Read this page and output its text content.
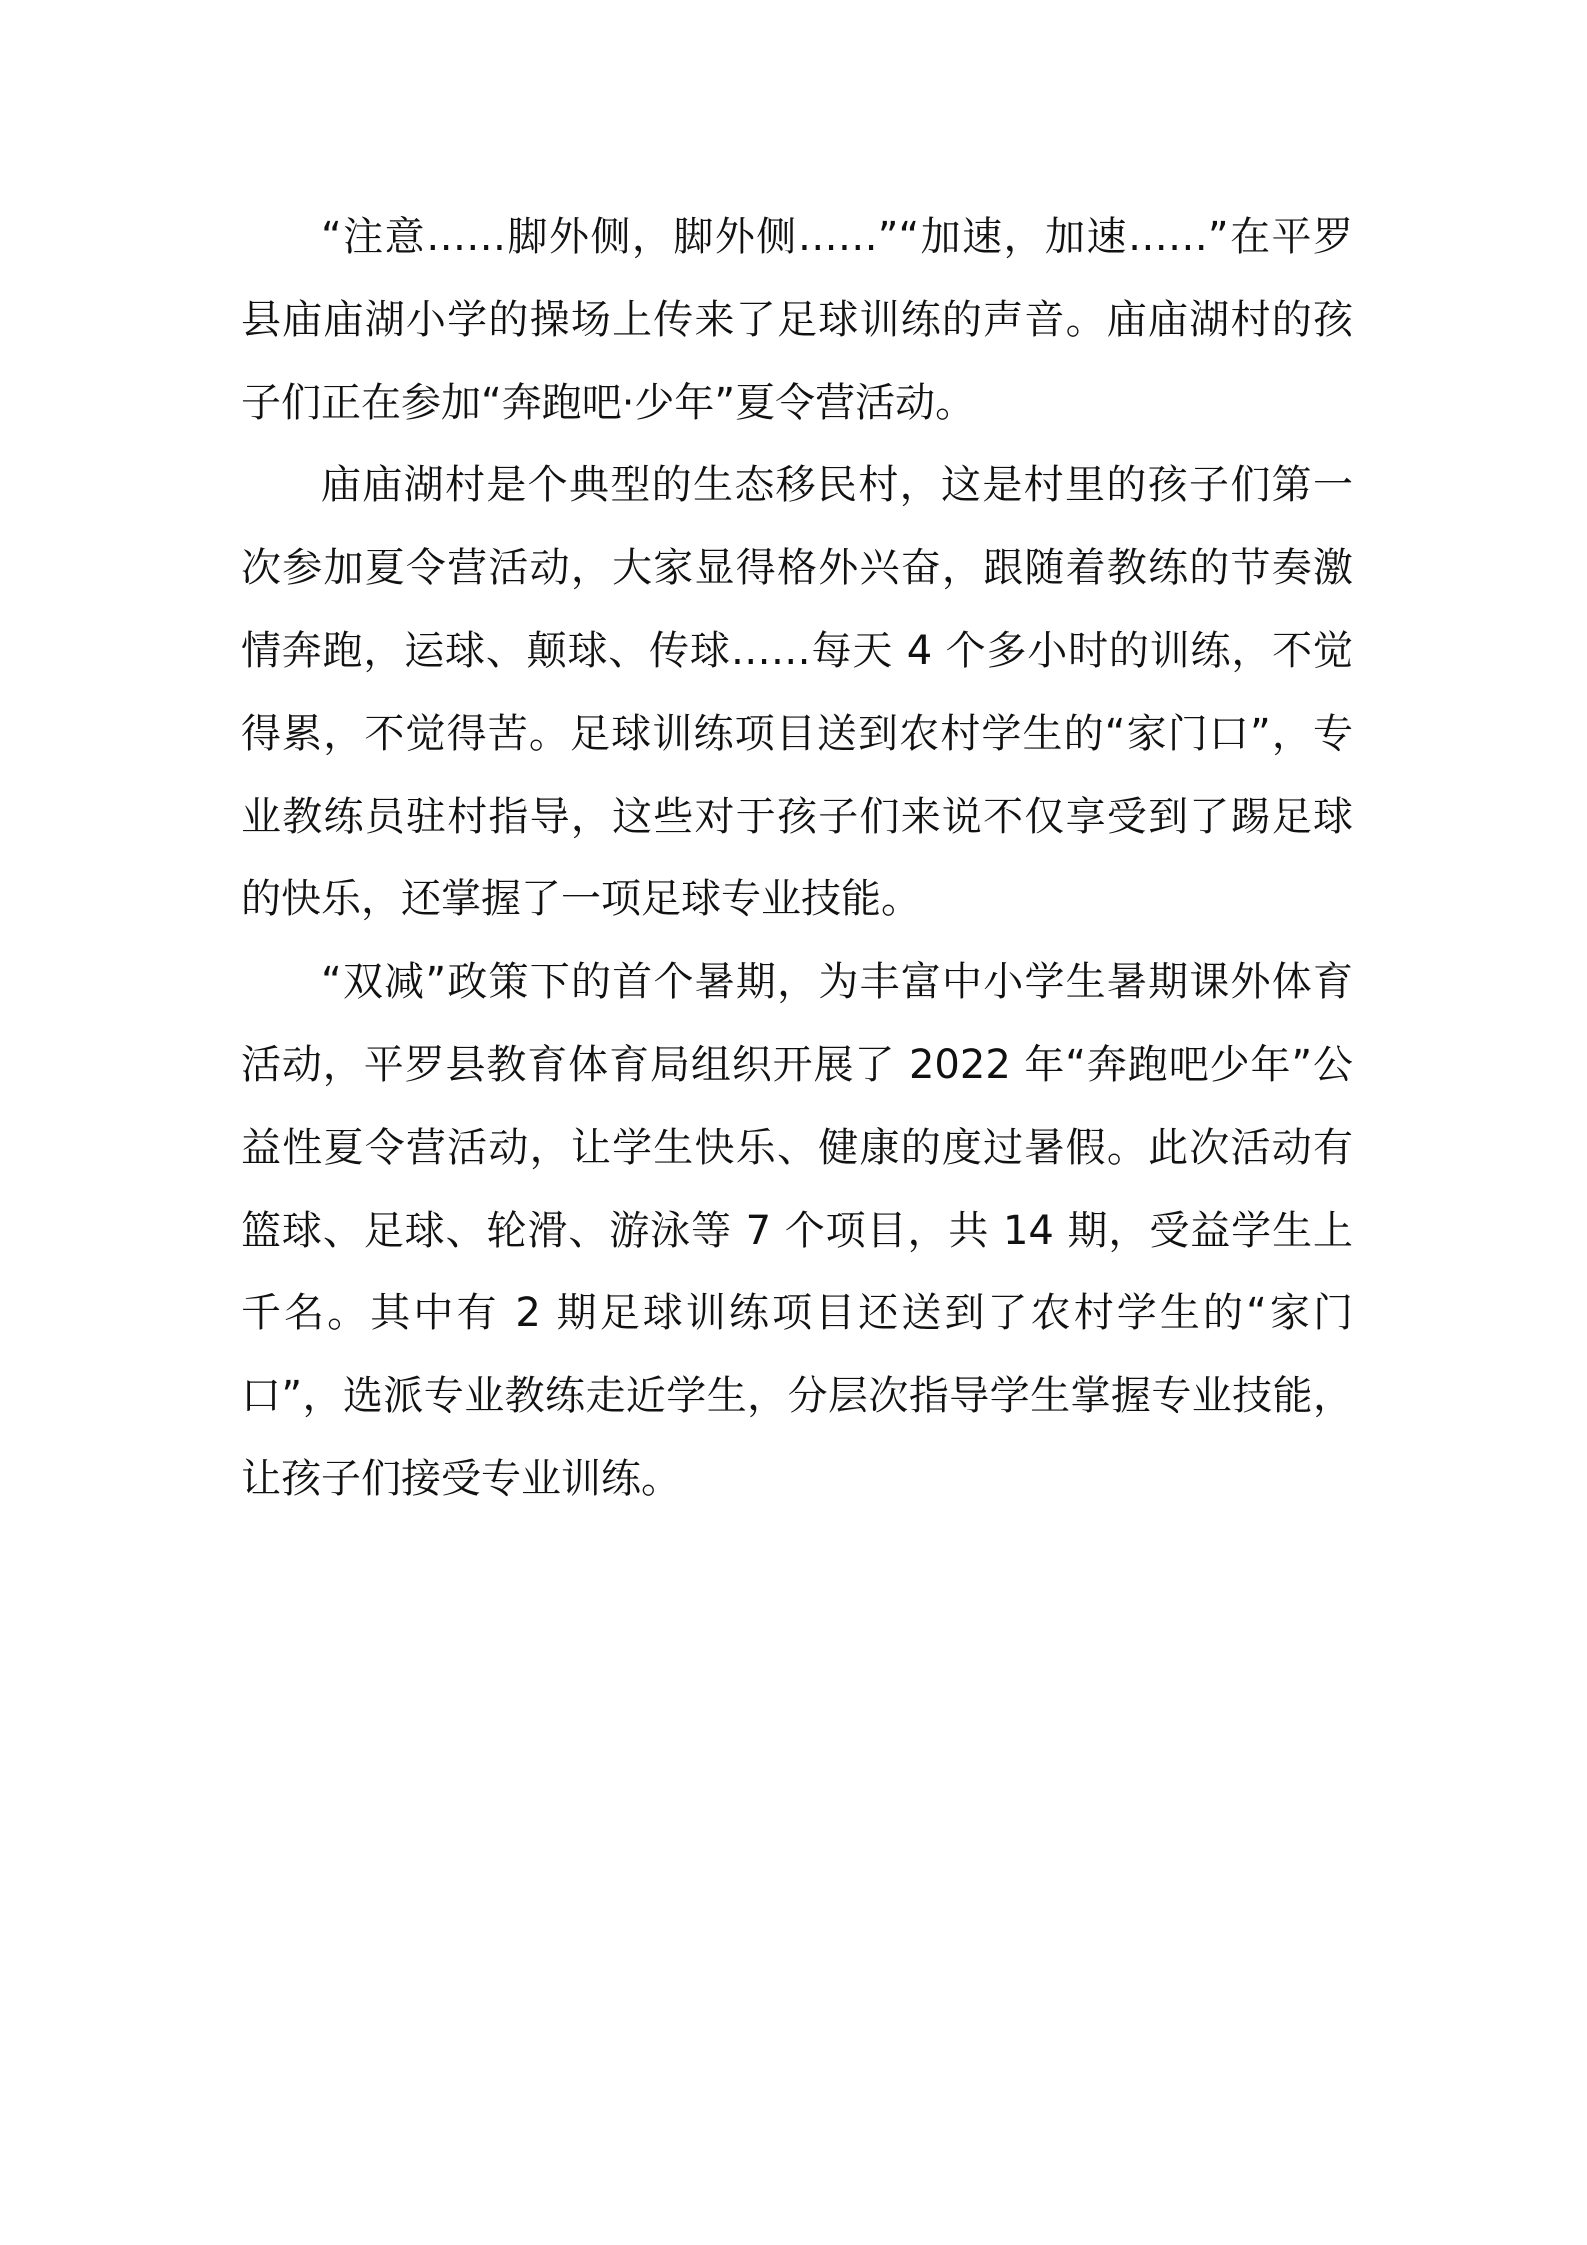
“注意……脚外侧，脚外侧……”“加速，加速……”在平罗县庙庙湖小学的操场上传来了足球训练的声音。庙庙湖村的孩子们正在参加“奔跑吧·少年”夏令营活动。

庙庙湖村是个典型的生态移民村，这是村里的孩子们第一次参加夏令营活动，大家显得格外兴奋，跟随着教练的节奏激情奔跑，运球、颠球、传球……每天 4 个多小时的训练，不觉得累，不觉得苦。足球训练项目送到农村学生的“家门口”，专业教练员驻村指导，这些对于孩子们来说不仅享受到了踢足球的快乐，还掌握了一项足球专业技能。

“双减”政策下的首个暑期，为丰富中小学生暑期课外体育活动，平罗县教育体育局组织开展了 2022 年“奔跑吧少年”公益性夏令营活动，让学生快乐、健康的度过暑假。此次活动有篮球、足球、轮滑、游泳等 7 个项目，共 14 期，受益学生上千名。其中有 2 期足球训练项目还送到了农村学生的“家门口”，选派专业教练走近学生，分层次指导学生掌握专业技能，让孩子们接受专业训练。
